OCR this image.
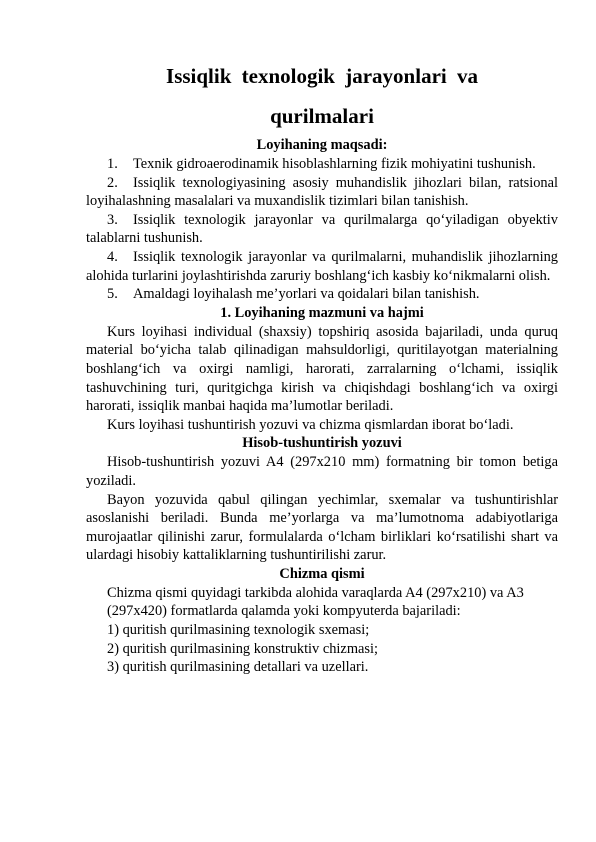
Issiqlik texnologik jarayonlari va
qurilmalari
Loyihaning maqsadi:

1. Texnik gidroaerodinamik hisoblashlarning fizik mohiyatini tushunish.

2. Issiqlik texnologiyasining asosiy muhandislik jihozlari bilan, ratsional loyihalashning masalalari va muxandislik tizimlari bilan tanishish.

3. Issiqlik texnologik jarayonlar va qurilmalarga qo‘yiladigan obyektiv talablarni tushunish.

4. Issiqlik texnologik jarayonlar va qurilmalarni, muhandislik jihozlarning alohida turlarini joylashtirishda zaruriy boshlang‘ich kasbiy ko‘nikmalarni olish.

5. Amaldagi loyihalash me’yorlari va qoidalari bilan tanishish.

1. Loyihaning mazmuni va hajmi

Kurs loyihasi individual (shaxsiy) topshiriq asosida bajariladi, unda quruq material bo‘yicha talab qilinadigan mahsuldorligi, quritilayotgan materialning boshlang‘ich va oxirgi namligi, harorati, zarralarning o‘lchami, issiqlik tashuvchining turi, quritgichga kirish va chiqishdagi boshlang‘ich va oxirgi harorati, issiqlik manbai haqida ma’lumotlar beriladi.

Kurs loyihasi tushuntirish yozuvi va chizma qismlardan iborat bo‘ladi.

Hisob-tushuntirish yozuvi

Hisob-tushuntirish yozuvi A4 (297x210 mm) formatning bir tomon betiga yoziladi.

Bayon yozuvida qabul qilingan yechimlar, sxemalar va tushuntirishlar asoslanishi beriladi. Bunda me’yorlarga va ma’lumotnoma adabiyotlariga murojaatlar qilinishi zarur, formulalarda o‘lcham birliklari ko‘rsatilishi shart va ulardagi hisobiy kattaliklarning tushuntirilishi zarur.

Chizma qismi

Chizma qismi quyidagi tarkibda alohida varaqlarda A4 (297x210) va A3 (297x420) formatlarda qalamda yoki kompyuterda bajariladi:

1) quritish qurilmasining texnologik sxemasi;

2) quritish qurilmasining konstruktiv chizmasi;

3) quritish qurilmasining detallari va uzellari.
